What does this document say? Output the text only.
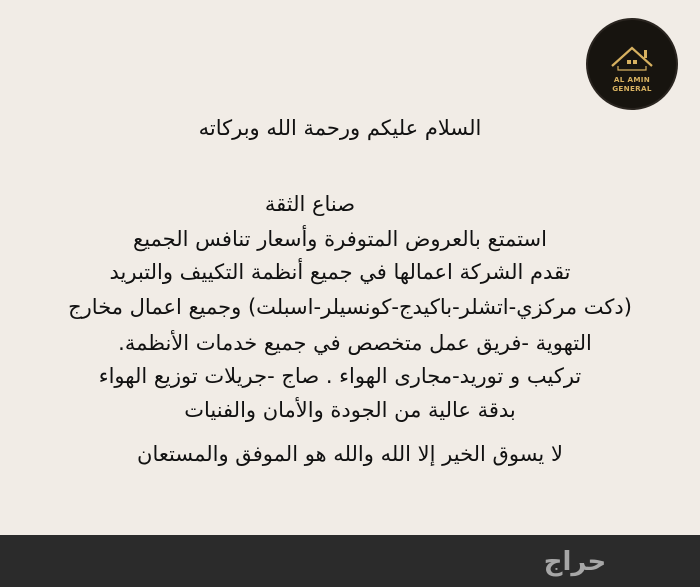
AL AMIN
GENERAL
السلام عليكم ورحمة الله وبركاته
صناع الثقة
استمتع بالعروض المتوفرة وأسعار تنافس الجميع
تقدم الشركة اعمالها في جميع أنظمة التكييف والتبريد
(دكت مركزي-اتشلر-باكيدج-كونسيلر-اسبلت) وجميع اعمال مخارج
التهوية -فريق عمل متخصص في جميع خدمات الأنظمة.
تركيب و توريد-مجارى الهواء . صاج -جريلات توزيع الهواء
بدقة عالية من الجودة والأمان والفنيات
لا يسوق الخير إلا الله والله هو الموفق والمستعان
حراج
